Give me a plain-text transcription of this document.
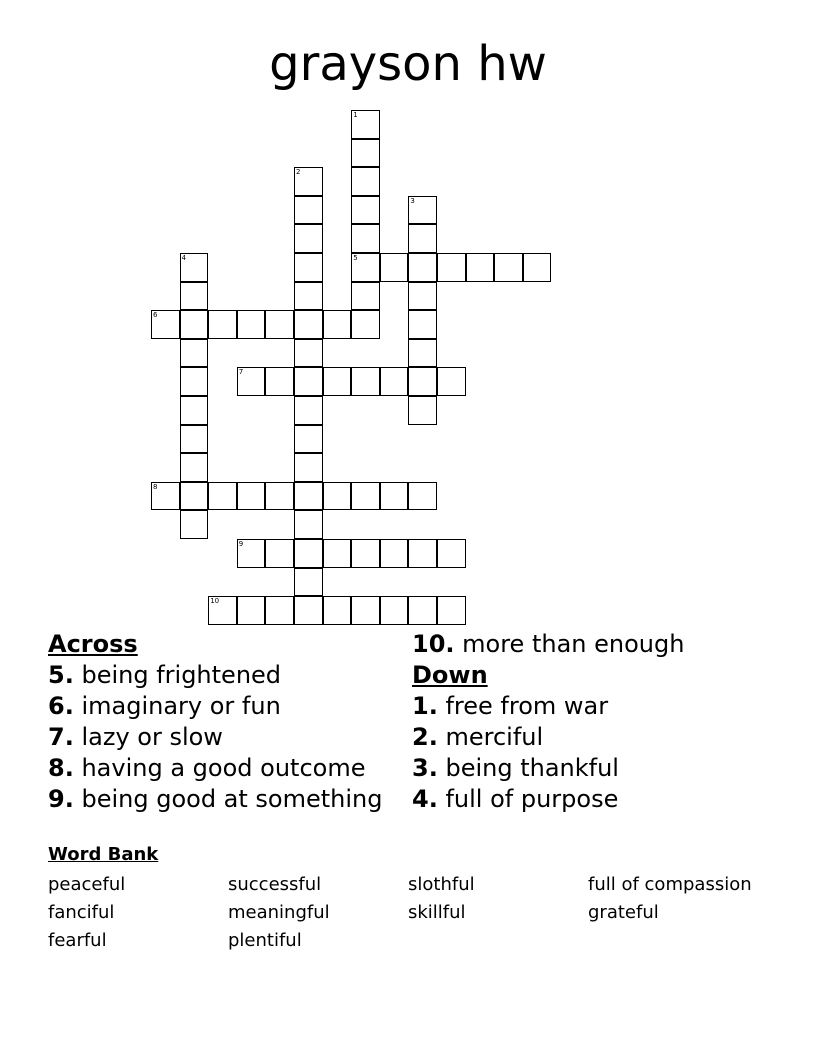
grayson hw
1
5
2
3
4
6
7
8
9
10
Across
5. being frightened
6. imaginary or fun
7. lazy or slow
8. having a good outcome
9. being good at something
10. more than enough
Down
1. free from war
2. merciful
3. being thankful
4. full of purpose
Word Bank
peaceful	successful	slothful	full of compassion
fanciful	meaningful	skillful	grateful
fearful	plentiful
